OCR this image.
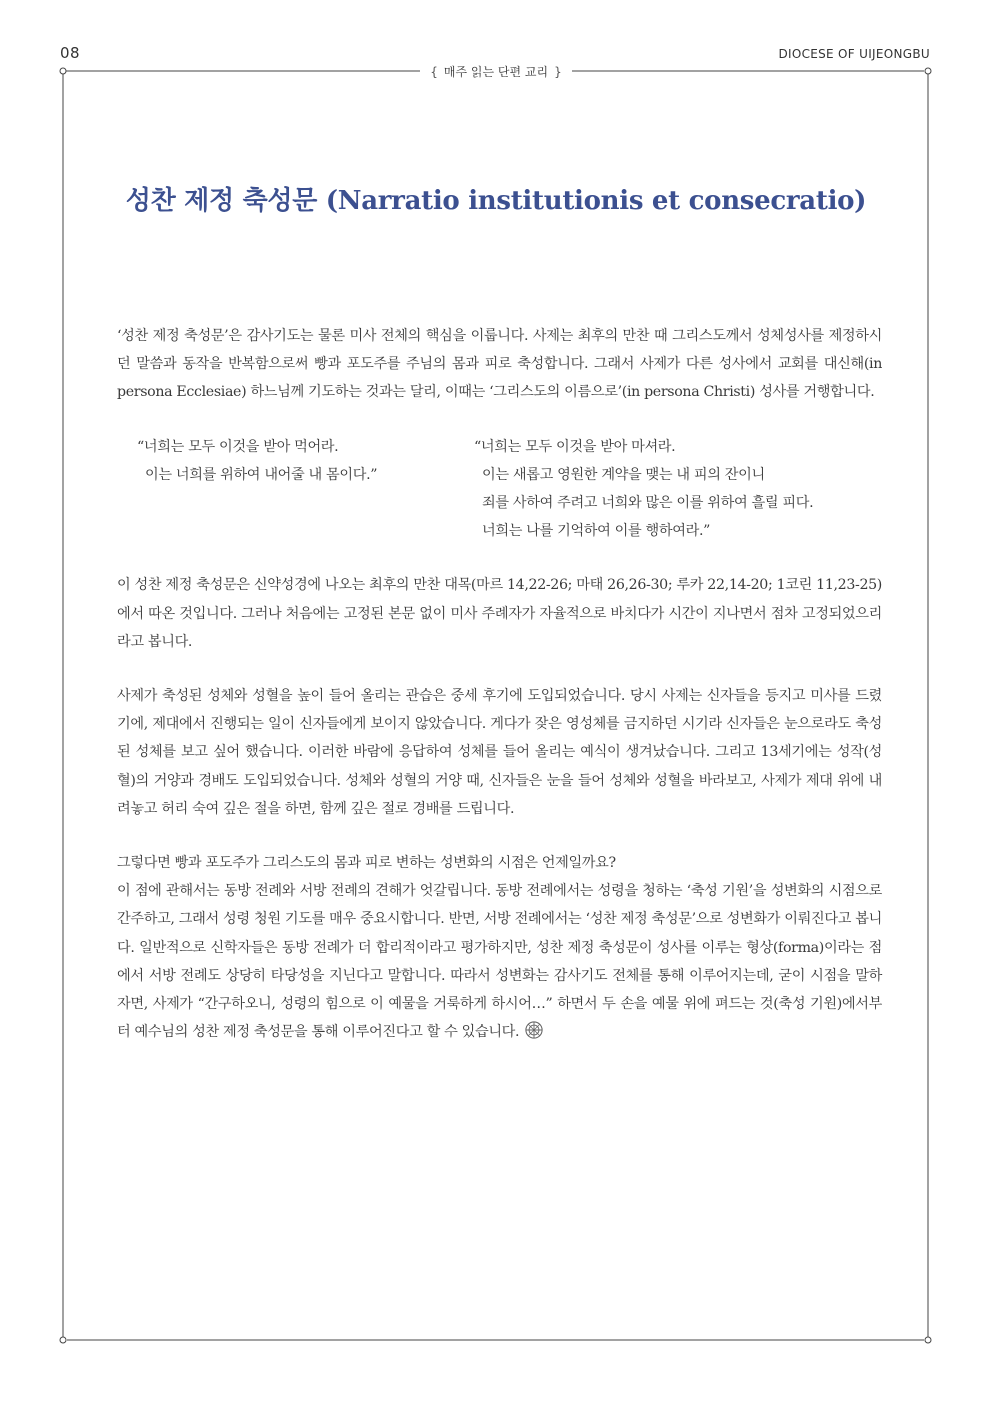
08	DIOCESE OF UIJEONGBU
{ 매주 읽는 단편 교리 }
성찬 제정 축성문 (Narratio institutionis et consecratio)

‘성찬 제정 축성문’은 감사기도는 물론 미사 전체의 핵심을 이룹니다. 사제는 최후의 만찬 때 그리스도께서 성체성사를 제정하시던 말씀과 동작을 반복함으로써 빵과 포도주를 주님의 몸과 피로 축성합니다. 그래서 사제가 다른 성사에서 교회를 대신해(in persona Ecclesiae) 하느님께 기도하는 것과는 달리, 이때는 ‘그리스도의 이름으로’(in persona Christi) 성사를 거행합니다.

“너희는 모두 이것을 받아 먹어라.
이는 너희를 위하여 내어줄 내 몸이다.”
“너희는 모두 이것을 받아 마셔라.
이는 새롭고 영원한 계약을 맺는 내 피의 잔이니
죄를 사하여 주려고 너희와 많은 이를 위하여 흘릴 피다.
너희는 나를 기억하여 이를 행하여라.”

이 성찬 제정 축성문은 신약성경에 나오는 최후의 만찬 대목(마르 14,22-26; 마태 26,26-30; 루카 22,14-20; 1코린 11,23-25)에서 따온 것입니다. 그러나 처음에는 고정된 본문 없이 미사 주례자가 자율적으로 바치다가 시간이 지나면서 점차 고정되었으리라고 봅니다.

사제가 축성된 성체와 성혈을 높이 들어 올리는 관습은 중세 후기에 도입되었습니다. 당시 사제는 신자들을 등지고 미사를 드렸기에, 제대에서 진행되는 일이 신자들에게 보이지 않았습니다. 게다가 잦은 영성체를 금지하던 시기라 신자들은 눈으로라도 축성된 성체를 보고 싶어 했습니다. 이러한 바람에 응답하여 성체를 들어 올리는 예식이 생겨났습니다. 그리고 13세기에는 성작(성혈)의 거양과 경배도 도입되었습니다. 성체와 성혈의 거양 때, 신자들은 눈을 들어 성체와 성혈을 바라보고, 사제가 제대 위에 내려놓고 허리 숙여 깊은 절을 하면, 함께 깊은 절로 경배를 드립니다.

그렇다면 빵과 포도주가 그리스도의 몸과 피로 변하는 성변화의 시점은 언제일까요?

이 점에 관해서는 동방 전례와 서방 전례의 견해가 엇갈립니다. 동방 전례에서는 성령을 청하는 ‘축성 기원’을 성변화의 시점으로 간주하고, 그래서 성령 청원 기도를 매우 중요시합니다. 반면, 서방 전례에서는 ‘성찬 제정 축성문’으로 성변화가 이뤄진다고 봅니다. 일반적으로 신학자들은 동방 전례가 더 합리적이라고 평가하지만, 성찬 제정 축성문이 성사를 이루는 형상(forma)이라는 점에서 서방 전례도 상당히 타당성을 지닌다고 말합니다. 따라서 성변화는 감사기도 전체를 통해 이루어지는데, 굳이 시점을 말하자면, 사제가 “간구하오니, 성령의 힘으로 이 예물을 거룩하게 하시어…” 하면서 두 손을 예물 위에 펴드는 것(축성 기원)에서부터 예수님의 성찬 제정 축성문을 통해 이루어진다고 할 수 있습니다.
